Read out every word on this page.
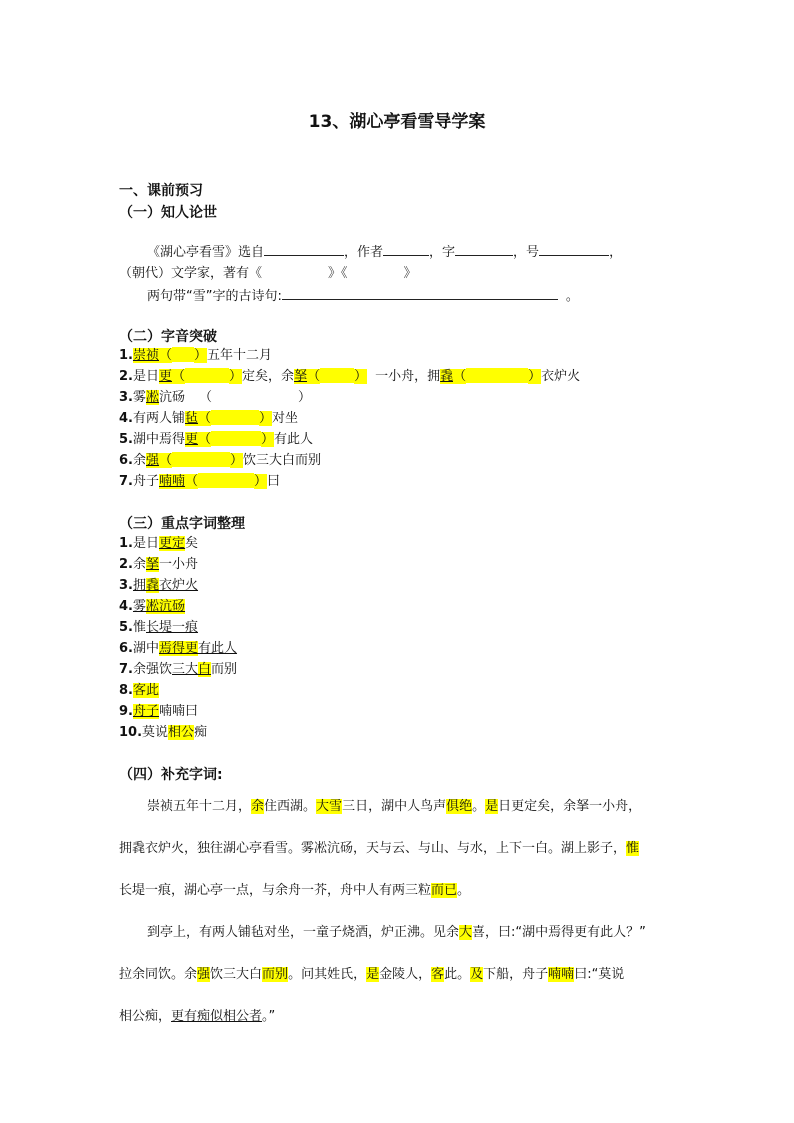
13、湖心亭看雪导学案
一、课前预习
（一）知人论世
《湖心亭看雪》选自	，作者	，字	，号	，
（朝代）文学家，著有《	》《	》
两句带“雪”字的古诗句:	。
（二）字音突破
1.崇祯（ ）五年十二月
2.是日更（	）定矣，余拏（	） 一小舟，拥毳（	）衣炉火
3.雾凇沆砀 （	）
4.有两人铺毡（	）对坐
5.湖中焉得更（	）有此人
6.余强（	）饮三大白而别
7.舟子喃喃（	）曰
（三）重点字词整理
1.是日更定矣
2.余拏一小舟
3.拥毳衣炉火
4.雾凇沆砀
5.惟长堤一痕
6.湖中焉得更有此人
7.余强饮三大白而别
8.客此
9.舟子喃喃曰
10.莫说相公痴
（四）补充字词:
崇祯五年十二月，余住西湖。大雪三日，湖中人鸟声俱绝。是日更定矣，余拏一小舟，
拥毳衣炉火，独往湖心亭看雪。雾凇沆砀，天与云、与山、与水，上下一白。湖上影子，惟
长堤一痕，湖心亭一点，与余舟一芥，舟中人有两三粒而已。
到亭上，有两人铺毡对坐，一童子烧酒，炉正沸。见余大喜，曰:“湖中焉得更有此人？”
拉余同饮。余强饮三大白而别。问其姓氏，是金陵人，客此。及下船，舟子喃喃曰:“莫说
相公痴，更有痴似相公者。”
